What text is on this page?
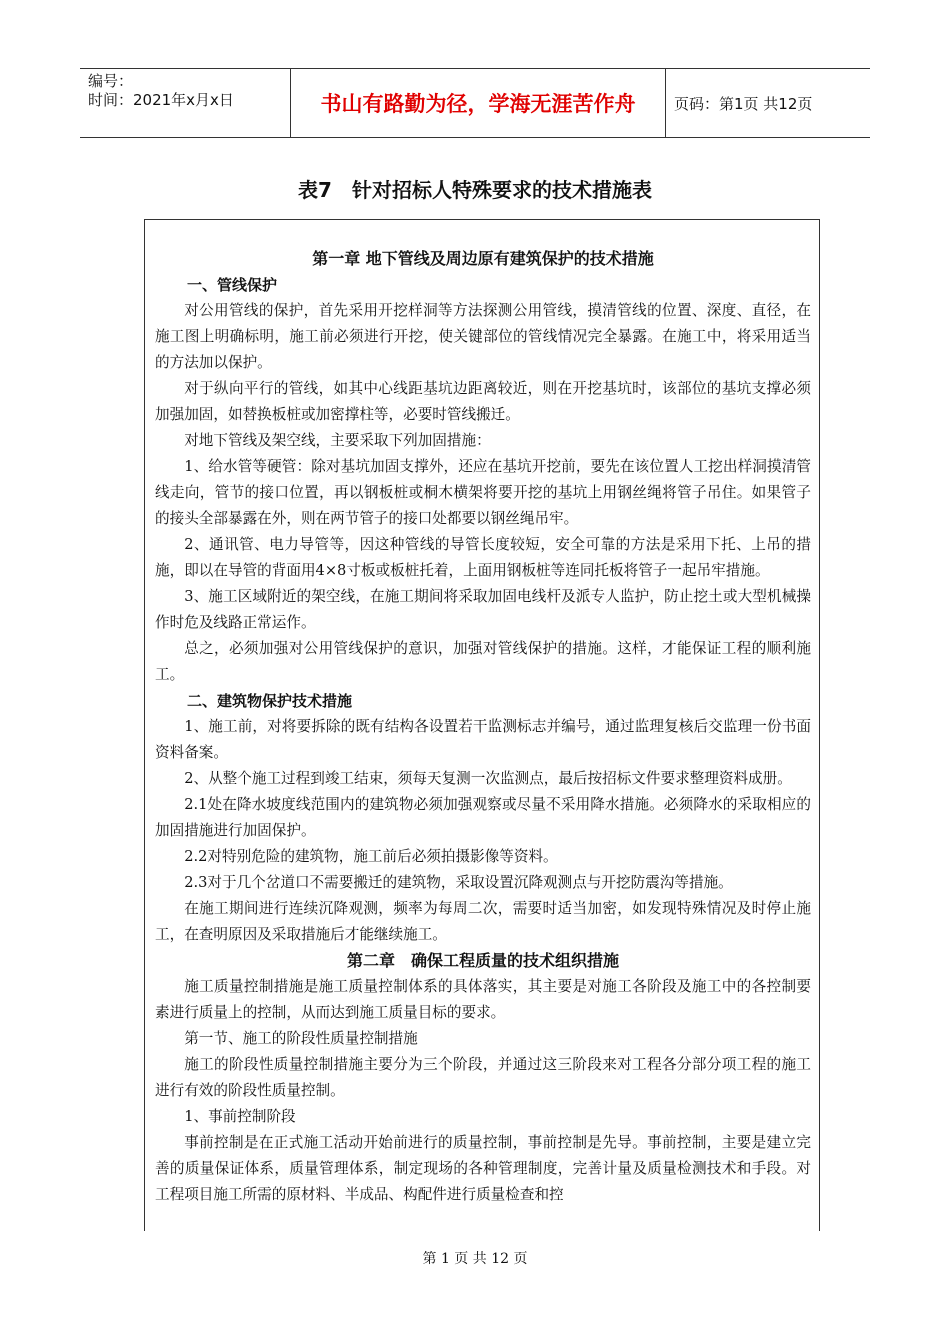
编号：
时间：2021年x月x日	书山有路勤为径，学海无涯苦作舟	页码：第1页 共12页
表7　针对招标人特殊要求的技术措施表
第一章 地下管线及周边原有建筑保护的技术措施
一、管线保护

对公用管线的保护，首先采用开挖样洞等方法探测公用管线，摸清管线的位置、深度、直径，在施工图上明确标明，施工前必须进行开挖，使关键部位的管线情况完全暴露。在施工中，将采用适当的方法加以保护。

对于纵向平行的管线，如其中心线距基坑边距离较近，则在开挖基坑时，该部位的基坑支撑必须加强加固，如替换板桩或加密撑柱等，必要时管线搬迁。

对地下管线及架空线，主要采取下列加固措施：

1、给水管等硬管：除对基坑加固支撑外，还应在基坑开挖前，要先在该位置人工挖出样洞摸清管线走向，管节的接口位置，再以钢板桩或桐木横架将要开挖的基坑上用钢丝绳将管子吊住。如果管子的接头全部暴露在外，则在两节管子的接口处都要以钢丝绳吊牢。

2、通讯管、电力导管等，因这种管线的导管长度较短，安全可靠的方法是采用下托、上吊的措施，即以在导管的背面用4×8寸板或板桩托着，上面用钢板桩等连同托板将管子一起吊牢措施。

3、施工区域附近的架空线，在施工期间将采取加固电线杆及派专人监护，防止挖土或大型机械操作时危及线路正常运作。

总之，必须加强对公用管线保护的意识，加强对管线保护的措施。这样，才能保证工程的顺利施工。

二、建筑物保护技术措施

1、施工前，对将要拆除的既有结构各设置若干监测标志并编号，通过监理复核后交监理一份书面资料备案。

2、从整个施工过程到竣工结束，须每天复测一次监测点，最后按招标文件要求整理资料成册。

2.1处在降水坡度线范围内的建筑物必须加强观察或尽量不采用降水措施。必须降水的采取相应的加固措施进行加固保护。

2.2对特别危险的建筑物，施工前后必须拍摄影像等资料。

2.3对于几个岔道口不需要搬迁的建筑物，采取设置沉降观测点与开挖防震沟等措施。

在施工期间进行连续沉降观测，频率为每周二次，需要时适当加密，如发现特殊情况及时停止施工，在查明原因及采取措施后才能继续施工。

第二章　确保工程质量的技术组织措施

施工质量控制措施是施工质量控制体系的具体落实，其主要是对施工各阶段及施工中的各控制要素进行质量上的控制，从而达到施工质量目标的要求。

第一节、施工的阶段性质量控制措施

施工的阶段性质量控制措施主要分为三个阶段，并通过这三阶段来对工程各分部分项工程的施工进行有效的阶段性质量控制。

1、事前控制阶段

事前控制是在正式施工活动开始前进行的质量控制，事前控制是先导。事前控制，主要是建立完善的质量保证体系，质量管理体系，制定现场的各种管理制度，完善计量及质量检测技术和手段。对工程项目施工所需的原材料、半成品、构配件进行质量检查和控

第 1 页 共 12 页
